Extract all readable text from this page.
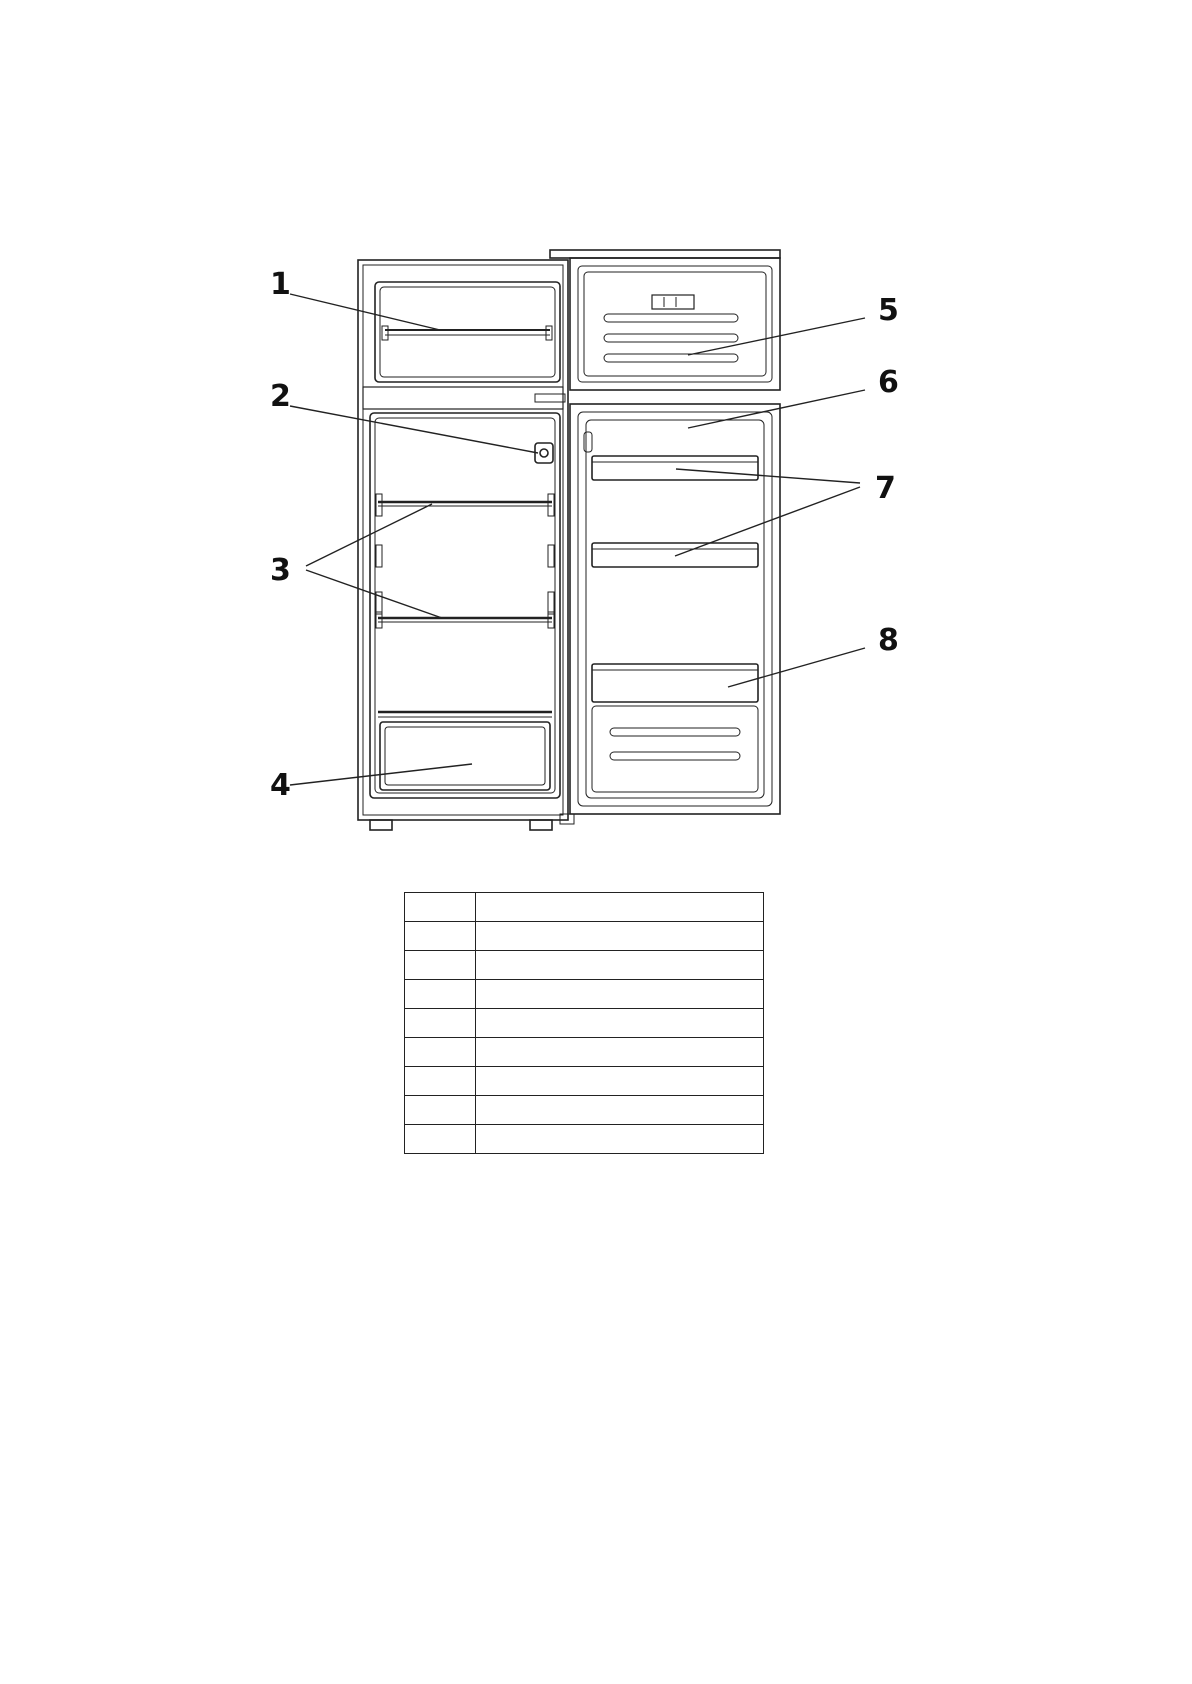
1
2
3
4
5
6
7
8
